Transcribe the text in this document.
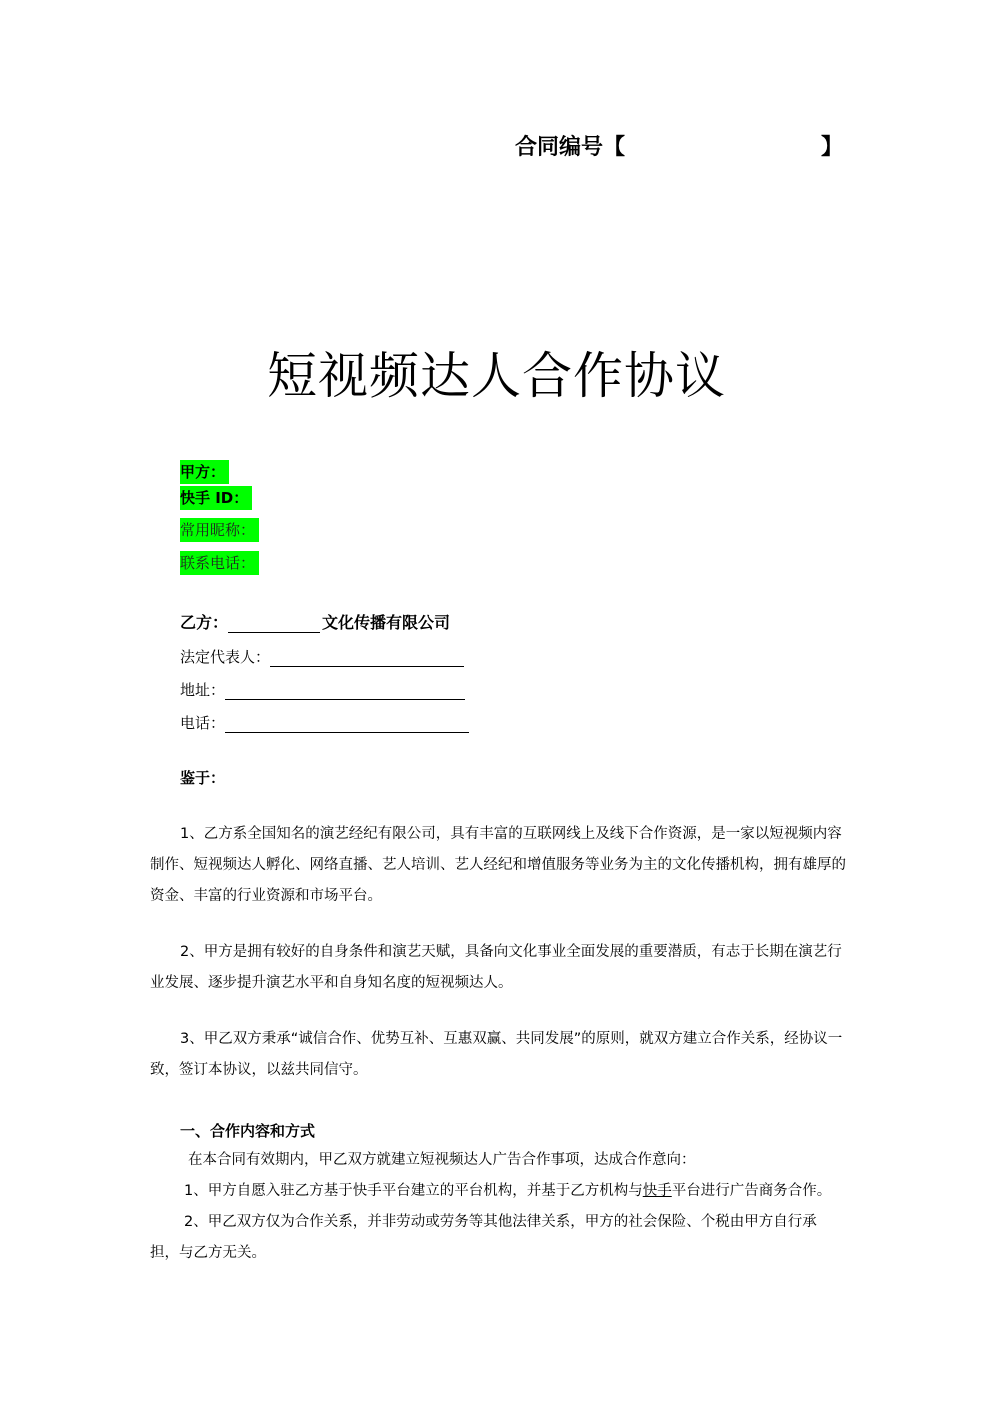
合同编号【	】
短视频达人合作协议
甲方：
快手 ID：
常用昵称：
联系电话：
乙方：	文化传播有限公司
法定代表人：
地址：
电话：
鉴于：
1、乙方系全国知名的演艺经纪有限公司，具有丰富的互联网线上及线下合作资源，是一家以短视频内容制作、短视频达人孵化、网络直播、艺人培训、艺人经纪和增值服务等业务为主的文化传播机构，拥有雄厚的资金、丰富的行业资源和市场平台。
2、甲方是拥有较好的自身条件和演艺天赋，具备向文化事业全面发展的重要潜质，有志于长期在演艺行业发展、逐步提升演艺水平和自身知名度的短视频达人。
3、甲乙双方秉承“诚信合作、优势互补、互惠双赢、共同发展”的原则，就双方建立合作关系，经协议一致，签订本协议，以兹共同信守。
一、合作内容和方式
在本合同有效期内，甲乙双方就建立短视频达人广告合作事项，达成合作意向：
1、甲方自愿入驻乙方基于快手平台建立的平台机构，并基于乙方机构与快手平台进行广告商务合作。
2、甲乙双方仅为合作关系，并非劳动或劳务等其他法律关系，甲方的社会保险、个税由甲方自行承
担，与乙方无关。
